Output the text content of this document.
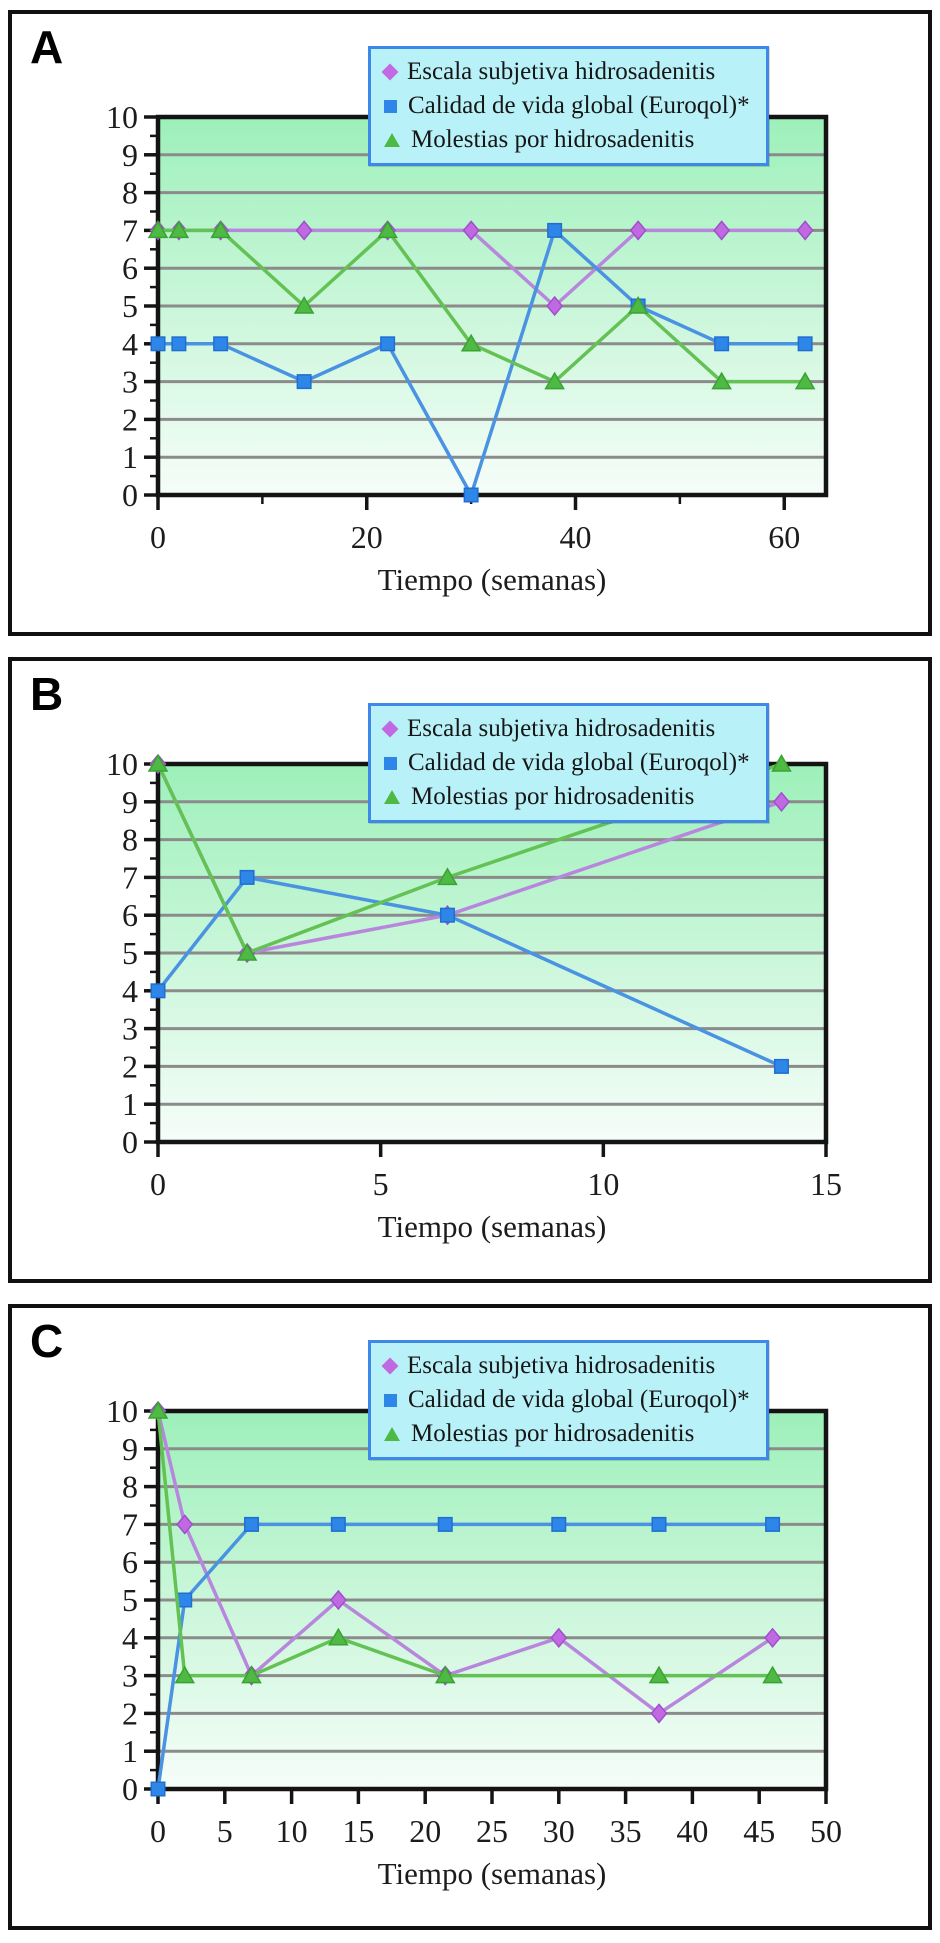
A
0
1
2
3
4
5
6
7
8
9
10
0	20	40	60
Tiempo (semanas)
Escala subjetiva hidrosadenitis
Calidad de vida global (Euroqol)*
Molestias por hidrosadenitis
B
0
1
2
3
4
5
6
7
8
9
10
0	5	10	15
Tiempo (semanas)
Escala subjetiva hidrosadenitis
Calidad de vida global (Euroqol)*
Molestias por hidrosadenitis
C
0
1
2
3
4
5
6
7
8
9
10
0 5 10 15 20 25 30 35 40 45 50
Tiempo (semanas)
Escala subjetiva hidrosadenitis
Calidad de vida global (Euroqol)*
Molestias por hidrosadenitis
